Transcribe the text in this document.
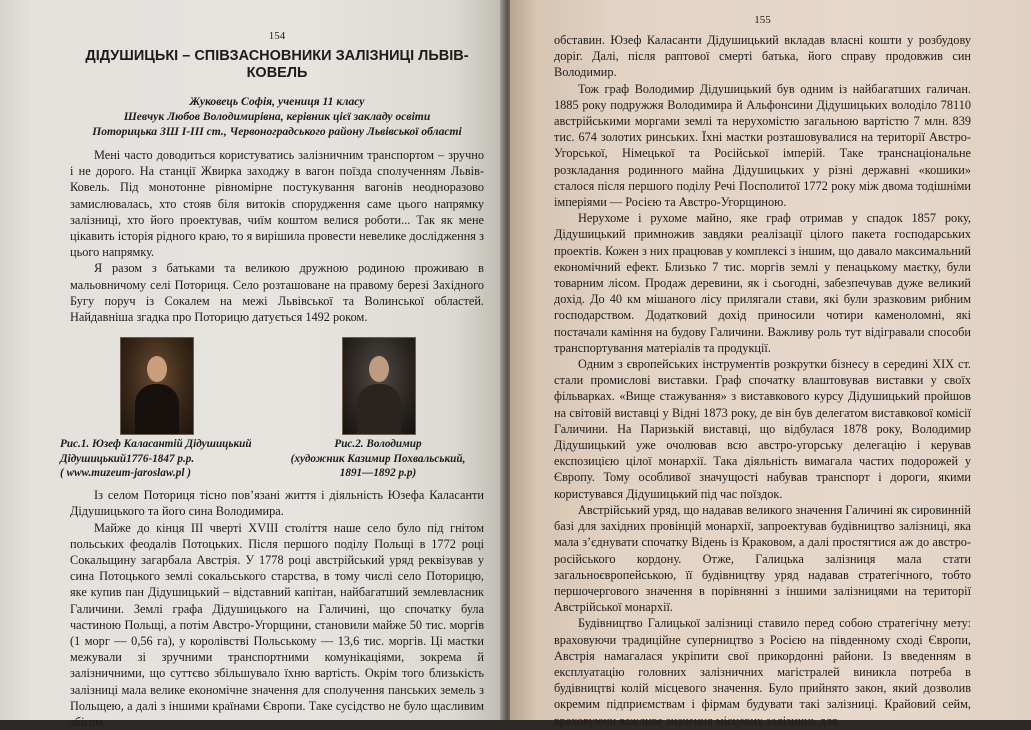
154
ДІДУШИЦЬКІ – СПІВЗАСНОВНИКИ ЗАЛІЗНИЦІ ЛЬВІВ-КОВЕЛЬ
Жуковець Софія, учениця 11 класу
Шевчук Любов Володимирівна, керівник цієї закладу освіти
Поторицька ЗШ І-ІІІ ст., Червоноградського району Львівської області

Мені часто доводиться користуватись залізничним транспортом – зручно і не дорого. На станції Жвирка заходжу в вагон поїзда сполученням Львів-Ковель. Під монотонне рівномірне постукування вагонів неодноразово замислювалась, хто стояв біля витоків спорудження саме цього напрямку залізниці, хто його проектував, чиїм коштом велися роботи... Так як мене цікавить історія рідного краю, то я вирішила провести невелике дослідження з цього напрямку.

Я разом з батьками та великою дружною родиною проживаю в мальовничому селі Поториця. Село розташоване на правому березі Західного Бугу поруч із Сокалем на межі Львівської та Волинської областей. Найдавніша згадка про Поторицю датується 1492 роком.

Рис.1. Юзеф Каласантій Дідушицький
Дідушицький1776-1847 р.р.
( www.muzeum-jaroslaw.pl )
Рис.2. Володимир
(художник Казимир Похвальський,
1891—1892 р.р)

Із селом Поториця тісно пов’язані життя і діяльність Юзефа Каласанти Дідушицького та його сина Володимира.

Майже до кінця ІІІ чверті ХVІІІ століття наше село було під гнітом польських феодалів Потоцьких. Після першого поділу Польщі в 1772 році Сокальщину загарбала Австрія. У 1778 році австрійський уряд реквізував у сина Потоцького землі сокальського старства, в тому числі село Поторицю, яке купив пан Дідушицький – відставний капітан, найбагатший землевласник Галичини. Землі графа Дідушицького на Галичині, що спочатку була частиною Польщі, а потім Австро-Угорщини, становили майже 50 тис. моргів (1 морг — 0,56 га), у королівстві Польському — 13,6 тис. моргів. Ці мастки межували зі зручними транспортними комунікаціями, зокрема й залізничними, що суттєво збільшувало їхню вартість. Окрім того близькість залізниці мала велике економічне значення для сполучення панських земель з Польщею, а далі з іншими країнами Європи. Таке сусідство не було щасливим збігом

155

обставин. Юзеф Каласанти Дідушицький вкладав власні кошти у розбудову доріг. Далі, після раптової смерті батька, його справу продовжив син Володимир.

Тож граф Володимир Дідушицький був одним із найбагатших галичан. 1885 року подружжя Володимира й Альфонсини Дідушицьких володіло 78110 австрійськими моргами землі та нерухомістю загальною вартістю 7 млн. 839 тис. 674 золотих ринських. Їхні мастки розташовувалися на території Австро-Угорської, Німецької та Російської імперій. Таке транснаціональне розкладання родинного майна Дідушицьких у різні державні «кошики» сталося після першого поділу Речі Посполитої 1772 року між двома тодішніми імперіями — Росією та Австро-Угорщиною.

Нерухоме і рухоме майно, яке граф отримав у спадок 1857 року, Дідушицький примножив завдяки реалізації цілого пакета господарських проектів. Кожен з них працював у комплексі з іншим, що давало максимальний економічний ефект. Близько 7 тис. моргів землі у пенацькому маєтку, були товарним лісом. Продаж деревини, як і сьогодні, забезпечував дуже великий дохід. До 40 км мішаного лісу прилягали стави, які були зразковим рибним господарством. Додатковий дохід приносили чотири каменоломні, які постачали каміння на будову Галичини. Важливу роль тут відігравали способи транспортування матеріалів та продукції.

Одним з європейських інструментів розкрутки бізнесу в середині ХІХ ст. стали промислові виставки. Граф спочатку влаштовував виставки у своїх фільварках. «Вище стажування» з виставкового курсу Дідушицький пройшов на світовій виставці у Відні 1873 року, де він був делегатом виставкової комісії Галичини. На Паризькій виставці, що відбулася 1878 року, Володимир Дідушицький уже очолював всю австро-угорську делегацію і керував експозицією цілої монархії. Така діяльність вимагала частих подорожей у Європу. Тому особливої значущості набував транспорт і дороги, якими користувався Дідушицький під час поїздок.

Австрійський уряд, що надавав великого значення Галичині як сировинній базі для західних провінцій монархії, запроектував будівництво залізниці, яка мала з’єднувати спочатку Відень із Краковом, а далі простягтися аж до австро-російського кордону. Отже, Галицька залізниця мала стати загальноєвропейською, її будівництву уряд надавав стратегічного, тобто першочергового значення в порівнянні з іншими залізницями на території Австрійської монархії.

Будівництво Галицької залізниці ставило перед собою стратегічну мету: враховуючи традиційне суперництво з Росією на південному сході Європи, Австрія намагалася укріпити свої прикордонні райони. Із введенням в експлуатацію головних залізничних магістралей виникла потреба в будівництві колій місцевого значення. Було прийнято закон, який дозволив окремим підприємствам і фірмам будувати такі залізниці. Крайовий сейм, враховуючи важливе значення місцевих залізниць для
